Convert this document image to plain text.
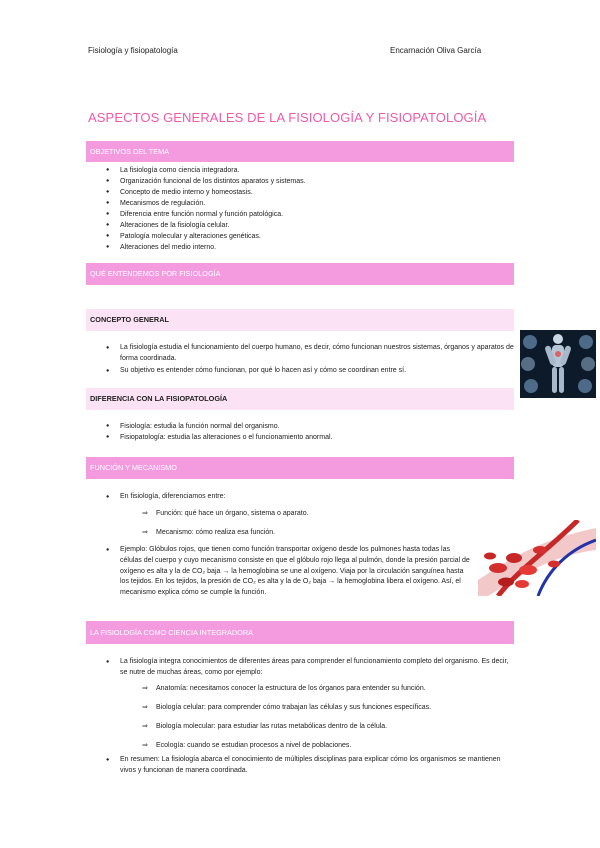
Fisiología y fisiopatología	Encarnación Oliva García
ASPECTOS GENERALES DE LA FISIOLOGÍA Y FISIOPATOLOGÍA
OBJETIVOS DEL TEMA
● La fisiología como ciencia integradora.
● Organización funcional de los distintos aparatos y sistemas.
● Concepto de medio interno y homeostasis.
● Mecanismos de regulación.
● Diferencia entre función normal y función patológica.
● Alteraciones de la fisiología celular.
● Patología molecular y alteraciones genéticas.
● Alteraciones del medio interno.
QUÉ ENTENDEMOS POR FISIOLOGÍA
CONCEPTO GENERAL
● La fisiología estudia el funcionamiento del cuerpo humano, es decir, cómo funcionan nuestros sistemas, órganos y aparatos de forma coordinada.
● Su objetivo es entender cómo funcionan, por qué lo hacen así y cómo se coordinan entre sí.
DIFERENCIA CON LA FISIOPATOLOGÍA
● Fisiología: estudia la función normal del organismo.
● Fisiopatología: estudia las alteraciones o el funcionamiento anormal.
FUNCIÓN Y MECANISMO
● En fisiología, diferenciamos entre:
⇒ Función: qué hace un órgano, sistema o aparato.
⇒ Mecanismo: cómo realiza esa función.
● Ejemplo: Glóbulos rojos, que tienen como función transportar oxígeno desde los pulmones hasta todas las células del cuerpo y cuyo mecanismo consiste en que el glóbulo rojo llega al pulmón, donde la presión parcial de oxígeno es alta y la de CO₂ baja → la hemoglobina se une al oxígeno. Viaja por la circulación sanguínea hasta los tejidos. En los tejidos, la presión de CO₂ es alta y la de O₂ baja → la hemoglobina libera el oxígeno. Así, el mecanismo explica cómo se cumple la función.
LA FISIOLOGÍA COMO CIENCIA INTEGRADORA
● La fisiología integra conocimientos de diferentes áreas para comprender el funcionamiento completo del organismo. Es decir, se nutre de muchas áreas, como por ejemplo:
⇒ Anatomía: necesitamos conocer la estructura de los órganos para entender su función.
⇒ Biología celular: para comprender cómo trabajan las células y sus funciones específicas.
⇒ Biología molecular: para estudiar las rutas metabólicas dentro de la célula.
⇒ Ecología: cuando se estudian procesos a nivel de poblaciones.
● En resumen: La fisiología abarca el conocimiento de múltiples disciplinas para explicar cómo los organismos se mantienen vivos y funcionan de manera coordinada.
